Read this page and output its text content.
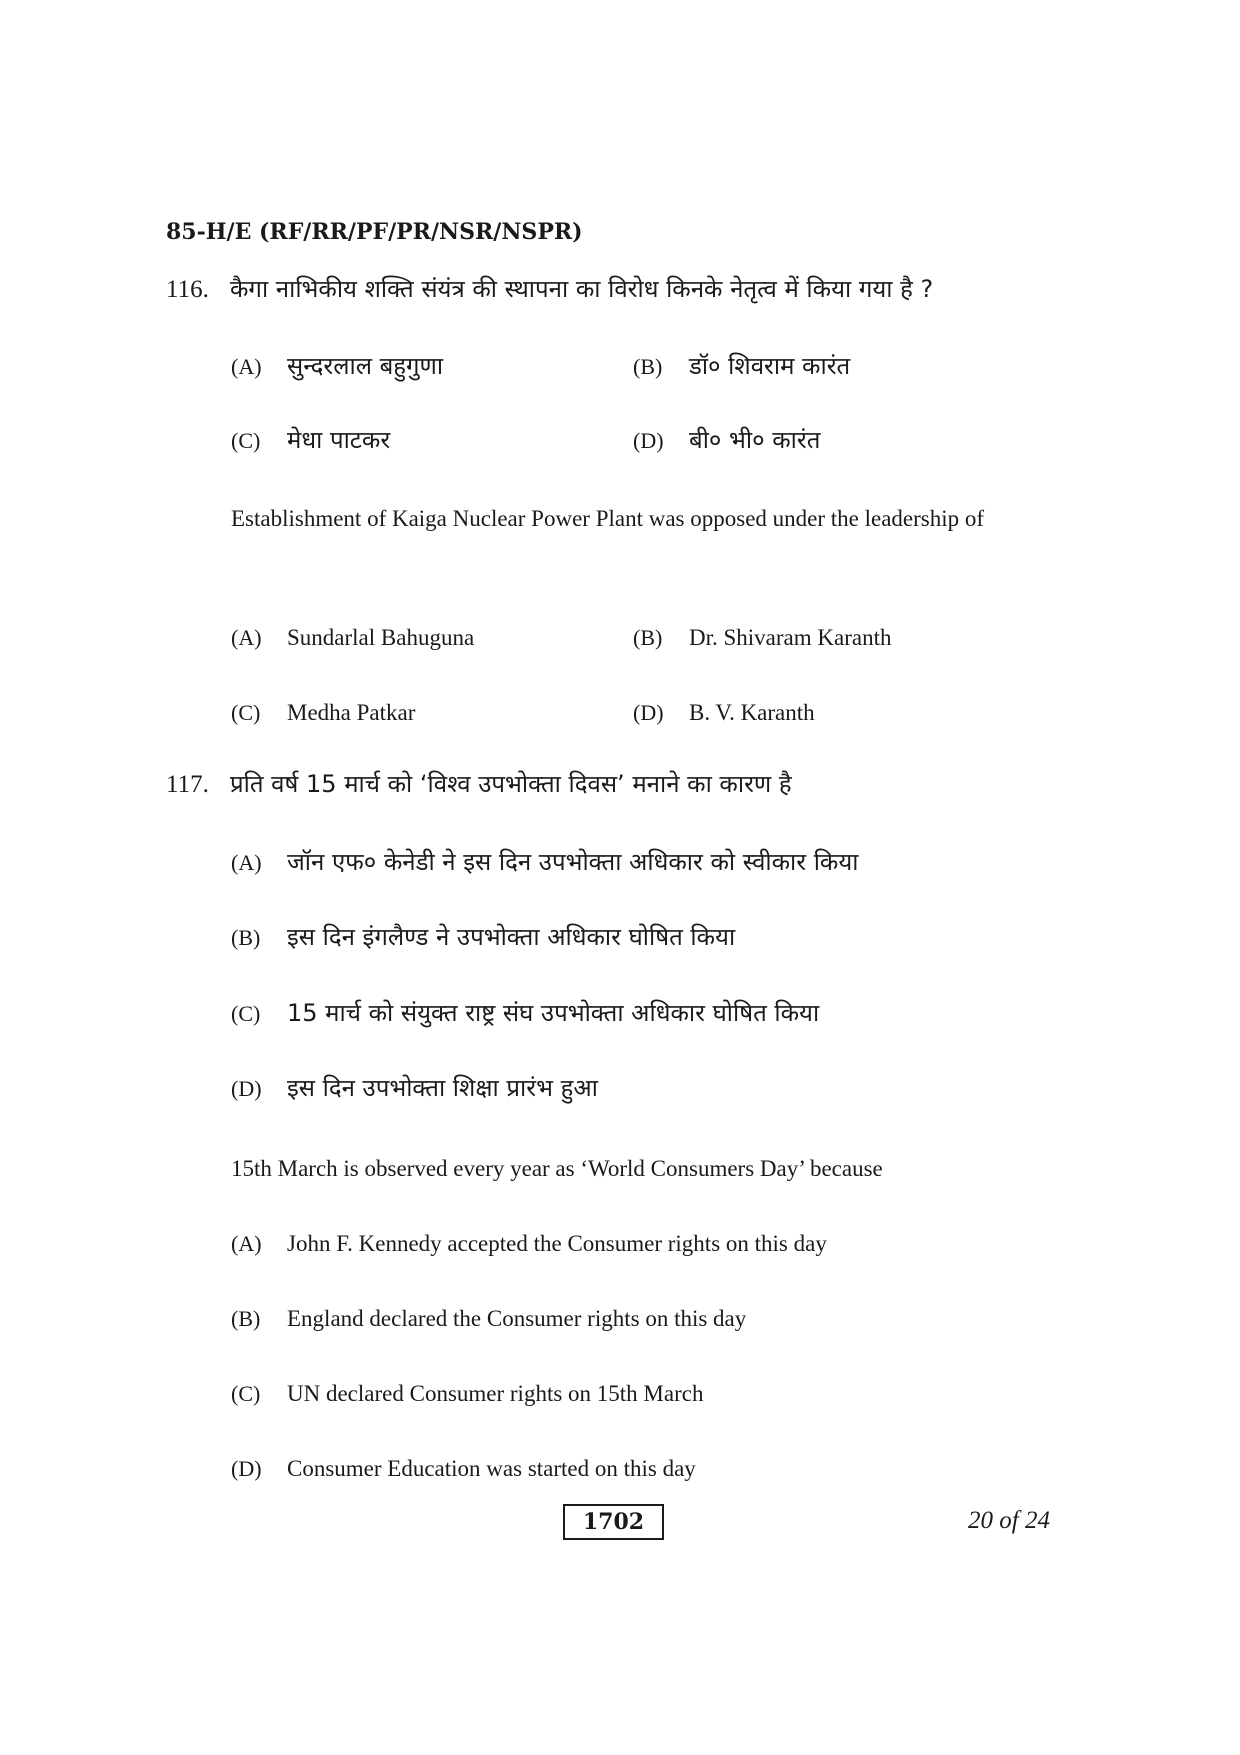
85-H/E (RF/RR/PF/PR/NSR/NSPR)
116. कैगा नाभिकीय शक्ति संयंत्र की स्थापना का विरोध किनके नेतृत्व में किया गया है ?
(A) सुन्दरलाल बहुगुणा	(B) डॉ० शिवराम कारंत
(C) मेधा पाटकर	(D) बी० भी० कारंत
Establishment of Kaiga Nuclear Power Plant was opposed under the leadership of
(A) Sundarlal Bahuguna	(B) Dr. Shivaram Karanth
(C) Medha Patkar	(D) B. V. Karanth
117. प्रति वर्ष 15 मार्च को ‘विश्व उपभोक्ता दिवस’ मनाने का कारण है
(A) जॉन एफ० केनेडी ने इस दिन उपभोक्ता अधिकार को स्वीकार किया
(B) इस दिन इंगलैण्ड ने उपभोक्ता अधिकार घोषित किया
(C) 15 मार्च को संयुक्त राष्ट्र संघ उपभोक्ता अधिकार घोषित किया
(D) इस दिन उपभोक्ता शिक्षा प्रारंभ हुआ
15th March is observed every year as ‘World Consumers Day’ because
(A) John F. Kennedy accepted the Consumer rights on this day
(B) England declared the Consumer rights on this day
(C) UN declared Consumer rights on 15th March
(D) Consumer Education was started on this day
1702	20 of 24
